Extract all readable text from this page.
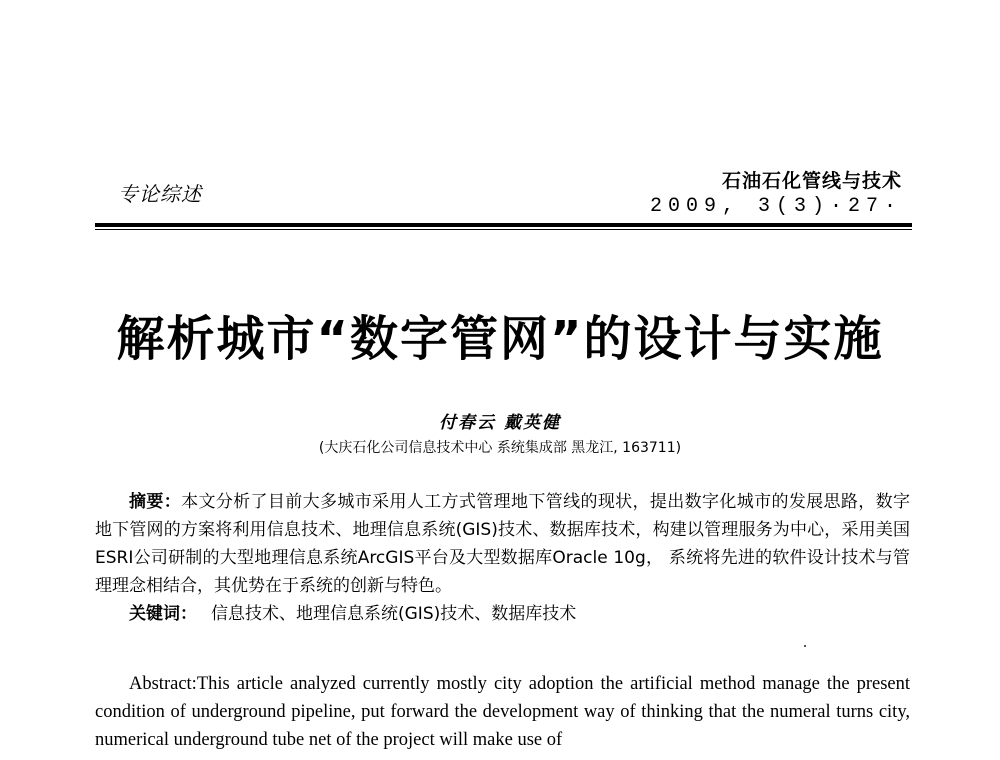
专论综述
石油石化管线与技术
2009, 3(3)·27·
解析城市“数字管网”的设计与实施
付春云 戴英健
(大庆石化公司信息技术中心 系统集成部 黑龙江, 163711)

摘要：本文分析了目前大多城市采用人工方式管理地下管线的现状，提出数字化城市的发展思路，数字地下管网的方案将利用信息技术、地理信息系统(GIS)技术、数据库技术，构建以管理服务为中心，采用美国ESRI公司研制的大型地理信息系统ArcGIS平台及大型数据库Oracle 10g， 系统将先进的软件设计技术与管理理念相结合，其优势在于系统的创新与特色。

关键词： 信息技术、地理信息系统(GIS)技术、数据库技术

Abstract:This article analyzed currently mostly city adoption the artificial method manage the present condition of underground pipeline, put forward the development way of thinking that the numeral turns city, numerical underground tube net of the project will make use of
